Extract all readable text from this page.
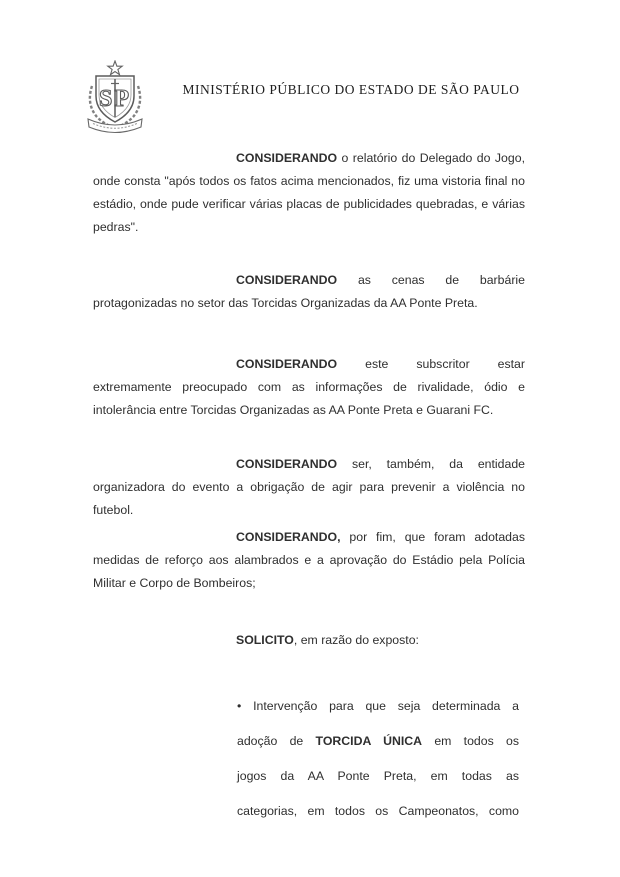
SP	MINISTÉRIO PÚBLICO DO ESTADO DE SÃO PAULO
CONSIDERANDO o relatório do Delegado do Jogo,
onde consta "após todos os fatos acima mencionados, fiz uma vistoria final no
estádio, onde pude verificar várias placas de publicidades quebradas, e várias
pedras".
CONSIDERANDO as cenas de barbárie
protagonizadas no setor das Torcidas Organizadas da AA Ponte Preta.
CONSIDERANDO este subscritor estar
extremamente preocupado com as informações de rivalidade, ódio e
intolerância entre Torcidas Organizadas as AA Ponte Preta e Guarani FC.
CONSIDERANDO ser, também, da entidade
organizadora do evento a obrigação de agir para prevenir a violência no
futebol.
CONSIDERANDO, por fim, que foram adotadas
medidas de reforço aos alambrados e a aprovação do Estádio pela Polícia
Militar e Corpo de Bombeiros;
SOLICITO, em razão do exposto:
• Intervenção para que seja determinada a
adoção de TORCIDA ÚNICA em todos os
jogos da AA Ponte Preta, em todas as
categorias, em todos os Campeonatos, como
